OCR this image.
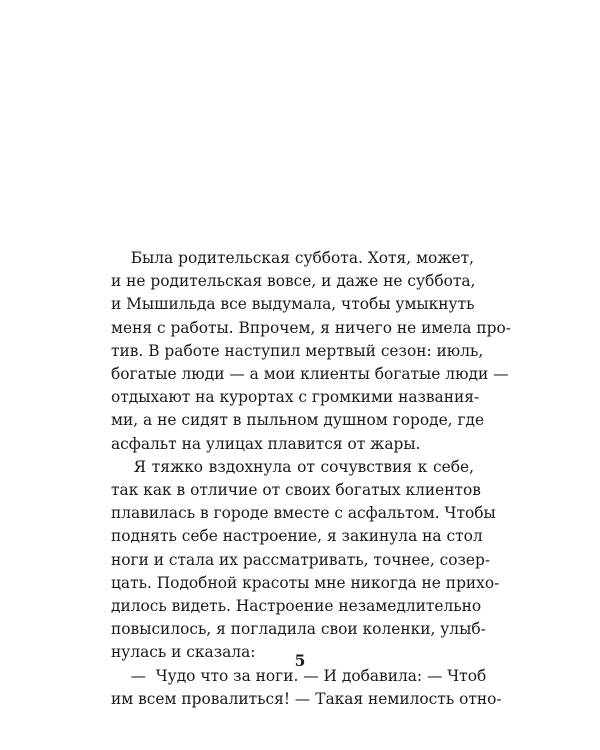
Была родительская суббота. Хотя, может,
и не родительская вовсе, и даже не суббота,
и Мышильда все выдумала, чтобы умыкнуть
меня с работы. Впрочем, я ничего не имела про-
тив. В работе наступил мертвый сезон: июль,
богатые люди — а мои клиенты богатые люди —
отдыхают на курортах с громкими названия-
ми, а не сидят в пыльном душном городе, где
асфальт на улицах плавится от жары.
Я тяжко вздохнула от сочувствия к себе,
так как в отличие от своих богатых клиентов
плавилась в городе вместе с асфальтом. Чтобы
поднять себе настроение, я закинула на стол
ноги и стала их рассматривать, точнее, созер-
цать. Подобной красоты мне никогда не прихо-
дилось видеть. Настроение незамедлительно
повысилось, я погладила свои коленки, улыб-
нулась и сказала:
—  Чудо что за ноги. — И добавила: — Чтоб
им всем провалиться! — Такая немилость отно-
5
